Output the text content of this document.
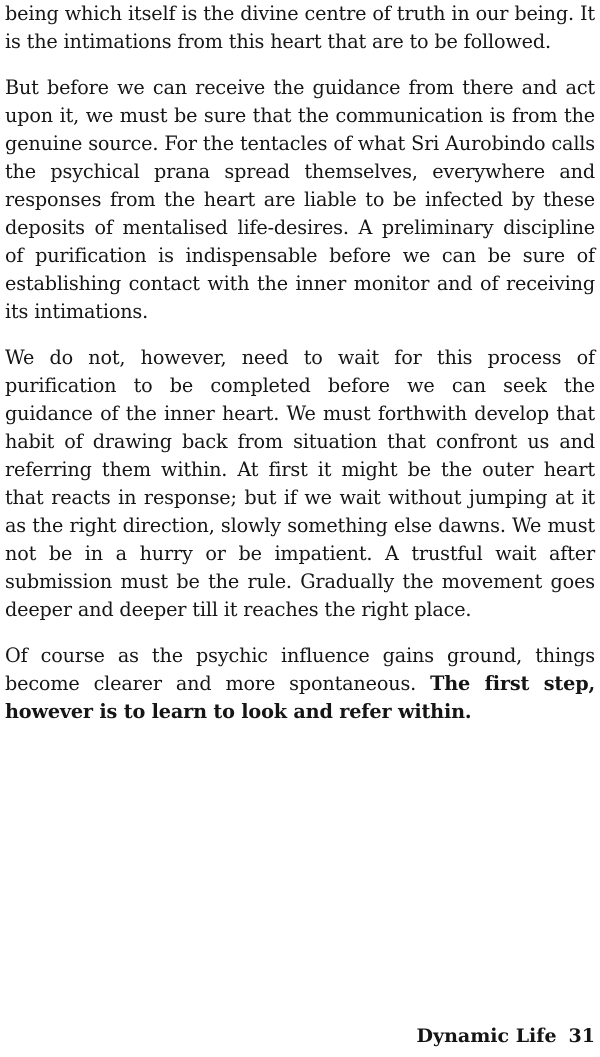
being which itself is the divine centre of truth in our being. It is the intimations from this heart that are to be followed.

But before we can receive the guidance from there and act upon it, we must be sure that the communication is from the genuine source. For the tentacles of what Sri Aurobindo calls the psychical prana spread themselves, everywhere and responses from the heart are liable to be infected by these deposits of mentalised life-desires. A preliminary discipline of purification is indispensable before we can be sure of establishing contact with the inner monitor and of receiving its intimations.

We do not, however, need to wait for this process of purification to be completed before we can seek the guidance of the inner heart. We must forthwith develop that habit of drawing back from situation that confront us and referring them within. At first it might be the outer heart that reacts in response; but if we wait without jumping at it as the right direction, slowly something else dawns. We must not be in a hurry or be impatient. A trustful wait after submission must be the rule. Gradually the movement goes deeper and deeper till it reaches the right place.

Of course as the psychic influence gains ground, things become clearer and more spontaneous. The first step, however is to learn to look and refer within.

Dynamic Life 31
